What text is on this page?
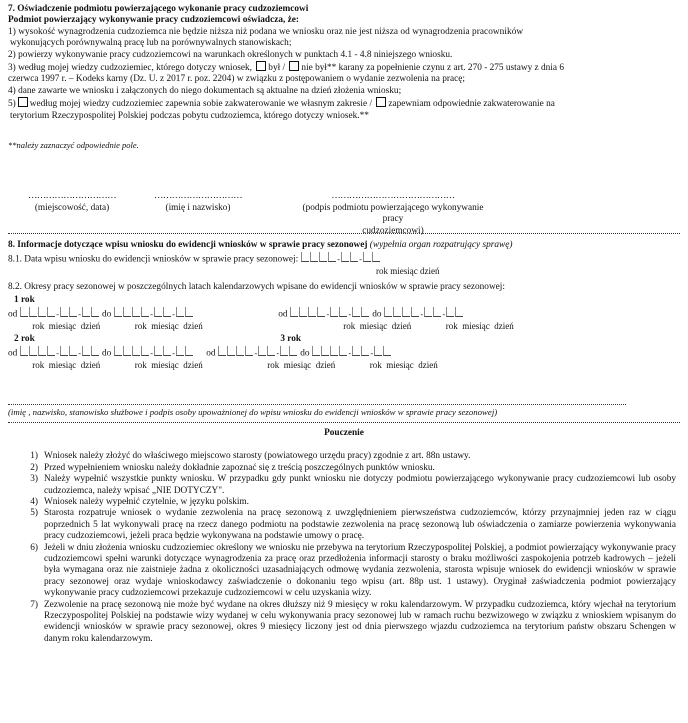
7. Oświadczenie podmiotu powierzającego wykonanie pracy cudzoziemcowi
Podmiot powierzający wykonywanie pracy cudzoziemcowi oświadcza, że:
1) wysokość wynagrodzenia cudzoziemca nie będzie niższa niż podana we wniosku oraz nie jest niższa od wynagrodzenia pracowników
wykonujących porównywalną pracę lub na porównywalnych stanowiskach;
2) powierzy wykonywanie pracy cudzoziemcowi na warunkach określonych w punktach 4.1 - 4.8 niniejszego wniosku.
3) według mojej wiedzy cudzoziemiec, którego dotyczy wniosek, był / nie był** karany za popełnienie czynu z art. 270 - 275 ustawy z dnia 6
czerwca 1997 r. – Kodeks karny (Dz. U. z 2017 r. poz. 2204) w związku z postępowaniem o wydanie zezwolenia na pracę;
4) dane zawarte we wniosku i załączonych do niego dokumentach są aktualne na dzień złożenia wniosku;
5) według mojej wiedzy cudzoziemiec zapewnia sobie zakwaterowanie we własnym zakresie / zapewniam odpowiednie zakwaterowanie na
terytorium Rzeczypospolitej Polskiej podczas pobytu cudzoziemca, którego dotyczy wniosek.**
**należy zaznaczyć odpowiednie pole.
…………………………
(miejscowość, data)
…………………………
(imię i nazwisko)
……………………………………
(podpis podmiotu powierzającego wykonywanie pracy
cudzoziemcowi)
8. Informacje dotyczące wpisu wniosku do ewidencji wniosków w sprawie pracy sezonowej (wypełnia organ rozpatrujący sprawę)
8.1. Data wpisu wniosku do ewidencji wniosków w sprawie pracy sezonowej:	- -
rok miesiąc dzień
8.2. Okresy pracy sezonowej w poszczególnych latach kalendarzowych wpisane do ewidencji wniosków w sprawie pracy sezonowej:
1 rok
od	- - do	- -	od	- - do	- -
rok miesiąc dzień	rok miesiąc dzień	rok miesiąc dzień	rok miesiąc dzień
2 rok	3 rok
od	- - do	- -	od	- - do	- -
rok miesiąc dzień	rok miesiąc dzień	rok miesiąc dzień	rok miesiąc dzień
(imię , nazwisko, stanowisko służbowe i podpis osoby upoważnionej do wpisu wniosku do ewidencji wniosków w sprawie pracy sezonowej)
Pouczenie
1) Wniosek należy złożyć do właściwego miejscowo starosty (powiatowego urzędu pracy) zgodnie z art. 88n ustawy.
2) Przed wypełnieniem wniosku należy dokładnie zapoznać się z treścią poszczególnych punktów wniosku.
3) Należy wypełnić wszystkie punkty wniosku. W przypadku gdy punkt wniosku nie dotyczy podmiotu powierzającego wykonywanie pracy cudzoziemcowi lub osoby cudzoziemca, należy wpisać „NIE DOTYCZY".
4) Wniosek należy wypełnić czytelnie, w języku polskim.
5) Starosta rozpatruje wniosek o wydanie zezwolenia na pracę sezonową z uwzględnieniem pierwszeństwa cudzoziemców, którzy przynajmniej jeden raz w ciągu poprzednich 5 lat wykonywali pracę na rzecz danego podmiotu na podstawie zezwolenia na pracę sezonową lub oświadczenia o zamiarze powierzenia wykonywania pracy cudzoziemcowi, jeżeli praca będzie wykonywana na podstawie umowy o pracę.
6) Jeżeli w dniu złożenia wniosku cudzoziemiec określony we wniosku nie przebywa na terytorium Rzeczypospolitej Polskiej, a podmiot powierzający wykonywanie pracy cudzoziemcowi spełni warunki dotyczące wynagrodzenia za pracę oraz przedłożenia informacji starosty o braku możliwości zaspokojenia potrzeb kadrowych – jeżeli była wymagana oraz nie zaistnieje żadna z okoliczności uzasadniających odmowę wydania zezwolenia, starosta wpisuje wniosek do ewidencji wniosków w sprawie pracy sezonowej oraz wydaje wnioskodawcy zaświadczenie o dokonaniu tego wpisu (art. 88p ust. 1 ustawy). Oryginał zaświadczenia podmiot powierzający wykonywanie pracy cudzoziemcowi przekazuje cudzoziemcowi w celu uzyskania wizy.
7) Zezwolenie na pracę sezonową nie może być wydane na okres dłuższy niż 9 miesięcy w roku kalendarzowym. W przypadku cudzoziemca, który wjechał na terytorium Rzeczypospolitej Polskiej na podstawie wizy wydanej w celu wykonywania pracy sezonowej lub w ramach ruchu bezwizowego w związku z wnioskiem wpisanym do ewidencji wniosków w sprawie pracy sezonowej, okres 9 miesięcy liczony jest od dnia pierwszego wjazdu cudzoziemca na terytorium państw obszaru Schengen w danym roku kalendarzowym.
